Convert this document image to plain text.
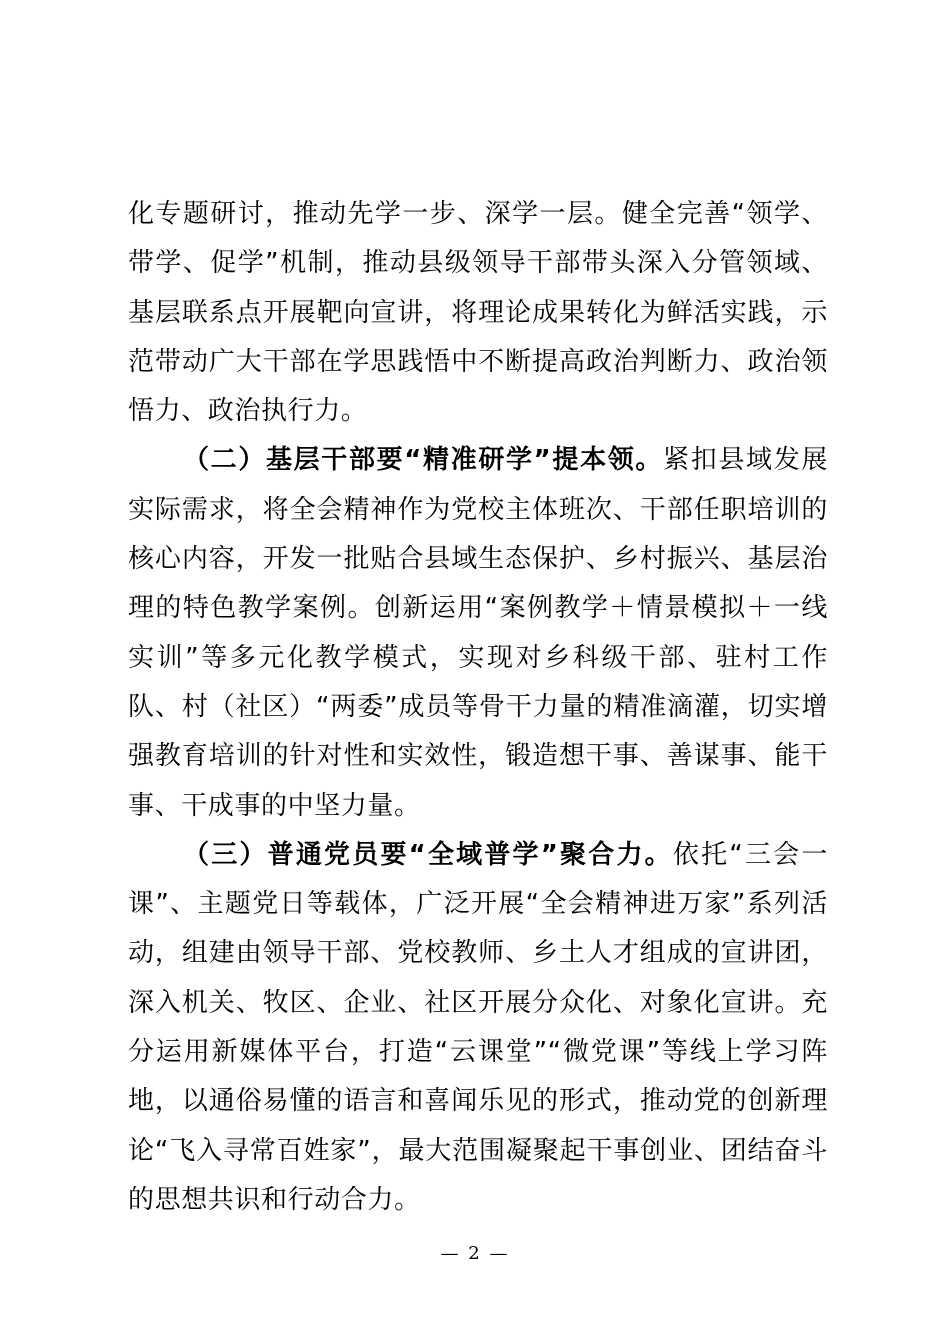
化专题研讨，推动先学一步、深学一层。健全完善“领学、带学、促学”机制，推动县级领导干部带头深入分管领域、基层联系点开展靶向宣讲，将理论成果转化为鲜活实践，示范带动广大干部在学思践悟中不断提高政治判断力、政治领悟力、政治执行力。

（二）基层干部要“精准研学”提本领。紧扣县域发展实际需求，将全会精神作为党校主体班次、干部任职培训的核心内容，开发一批贴合县域生态保护、乡村振兴、基层治理的特色教学案例。创新运用“案例教学＋情景模拟＋一线实训”等多元化教学模式，实现对乡科级干部、驻村工作队、村（社区）“两委”成员等骨干力量的精准滴灌，切实增强教育培训的针对性和实效性，锻造想干事、善谋事、能干事、干成事的中坚力量。

（三）普通党员要“全域普学”聚合力。依托“三会一课”、主题党日等载体，广泛开展“全会精神进万家”系列活动，组建由领导干部、党校教师、乡土人才组成的宣讲团，深入机关、牧区、企业、社区开展分众化、对象化宣讲。充分运用新媒体平台，打造“云课堂”“微党课”等线上学习阵地，以通俗易懂的语言和喜闻乐见的形式，推动党的创新理论“飞入寻常百姓家”，最大范围凝聚起干事创业、团结奋斗的思想共识和行动合力。

— 2 —
